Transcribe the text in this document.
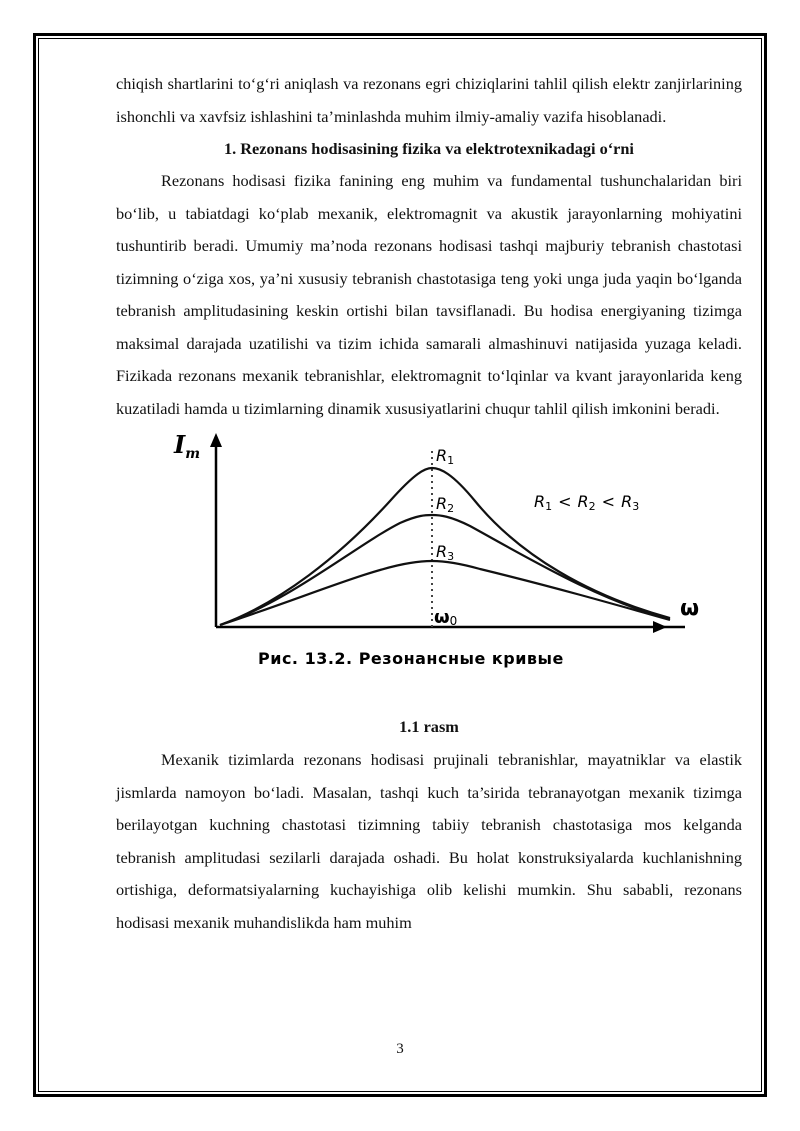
chiqish shartlarini to‘g‘ri aniqlash va rezonans egri chiziqlarini tahlil qilish elektr zanjirlarining ishonchli va xavfsiz ishlashini ta’minlashda muhim ilmiy-amaliy vazifa hisoblanadi.

1. Rezonans hodisasining fizika va elektrotexnikadagi o‘rni

Rezonans hodisasi fizika fanining eng muhim va fundamental tushunchalaridan biri bo‘lib, u tabiatdagi ko‘plab mexanik, elektromagnit va akustik jarayonlarning mohiyatini tushuntirib beradi. Umumiy ma’noda rezonans hodisasi tashqi majburiy tebranish chastotasi tizimning o‘ziga xos, ya’ni xususiy tebranish chastotasiga teng yoki unga juda yaqin bo‘lganda tebranish amplitudasining keskin ortishi bilan tavsiflanadi. Bu hodisa energiyaning tizimga maksimal darajada uzatilishi va tizim ichida samarali almashinuvi natijasida yuzaga keladi. Fizikada rezonans mexanik tebranishlar, elektromagnit to‘lqinlar va kvant jarayonlarida keng kuzatiladi hamda u tizimlarning dinamik xususiyatlarini chuqur tahlil qilish imkonini beradi.

$I_m$
ω
ω0
R1
R2
R3
R1 < R2 < R3
Рис. 13.2. Резонансные кривые
1.1 rasm

Mexanik tizimlarda rezonans hodisasi prujinali tebranishlar, mayatniklar va elastik jismlarda namoyon bo‘ladi. Masalan, tashqi kuch ta’sirida tebranayotgan mexanik tizimga berilayotgan kuchning chastotasi tizimning tabiiy tebranish chastotasiga mos kelganda tebranish amplitudasi sezilarli darajada oshadi. Bu holat konstruksiyalarda kuchlanishning ortishiga, deformatsiyalarning kuchayishiga olib kelishi mumkin. Shu sababli, rezonans hodisasi mexanik muhandislikda ham muhim

3
